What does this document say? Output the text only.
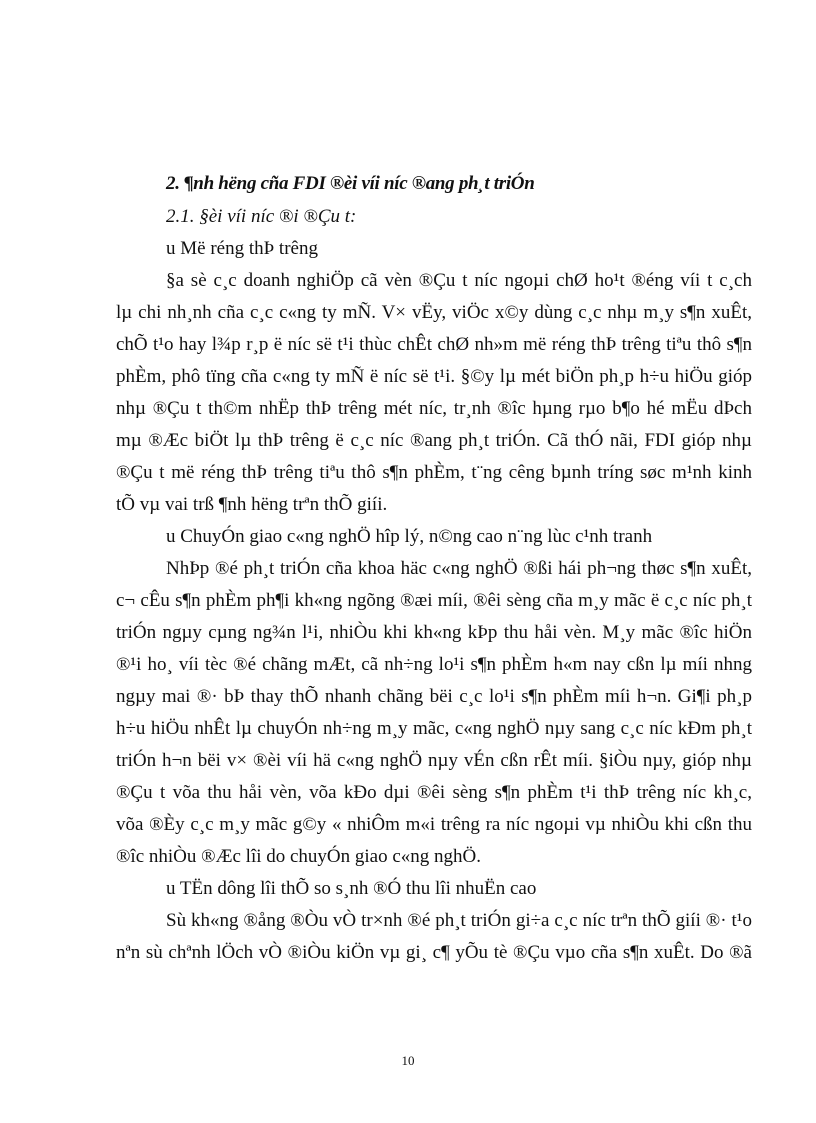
2. ¶nh hëng cña FDI ®èi víi níc ®ang ph¸t triÓn

2.1. §èi víi níc ®i ®Çu t:

u Më réng thÞ trêng

§a sè c¸c doanh nghiÖp cã vèn ®Çu t níc ngoµi chØ ho¹t ®éng víi t c¸ch
lµ chi nh¸nh cña c¸c c«ng ty mÑ. V× vËy, viÖc x©y dùng c¸c nhµ m¸y s¶n xuÊt,
chÕ t¹o hay l¾p r¸p ë níc së t¹i thùc chÊt chØ nh»m më réng thÞ trêng tiªu thô s¶n
phÈm, phô tïng cña c«ng ty mÑ ë níc së t¹i. §©y lµ mét biÖn ph¸p h÷u hiÖu gióp
nhµ ®Çu t th©m nhËp thÞ trêng mét níc, tr¸nh ®îc hµng rµo b¶o hé mËu dÞch
mµ ®Æc biÖt lµ thÞ trêng ë c¸c níc ®ang ph¸t triÓn. Cã thÓ nãi, FDI gióp nhµ
®Çu t më réng thÞ trêng tiªu thô s¶n phÈm, t¨ng cêng bµnh tríng søc m¹nh kinh
tÕ vµ vai trß ¶nh hëng trªn thÕ giíi.

u ChuyÓn giao c«ng nghÖ hîp lý, n©ng cao n¨ng lùc c¹nh tranh

NhÞp ®é ph¸t triÓn cña khoa häc c«ng nghÖ ®ßi hái ph¬ng thøc s¶n xuÊt,
c¬ cÊu s¶n phÈm ph¶i kh«ng ngõng ®æi míi, ®êi sèng cña m¸y mãc ë c¸c níc ph¸t
triÓn ngµy cµng ng¾n l¹i, nhiÒu khi kh«ng kÞp thu håi vèn. M¸y mãc ®îc hiÖn
®¹i ho¸ víi tèc ®é chãng mÆt, cã nh÷ng lo¹i s¶n phÈm h«m nay cßn lµ míi nhng
ngµy mai ®· bÞ thay thÕ nhanh chãng bëi c¸c lo¹i s¶n phÈm míi h¬n. Gi¶i ph¸p
h÷u hiÖu nhÊt lµ chuyÓn nh÷ng m¸y mãc, c«ng nghÖ nµy sang c¸c níc kÐm ph¸t
triÓn h¬n bëi v× ®èi víi hä c«ng nghÖ nµy vÉn cßn rÊt míi. §iÒu nµy, gióp nhµ
®Çu t võa thu håi vèn, võa kÐo dµi ®êi sèng s¶n phÈm t¹i thÞ trêng níc kh¸c,
võa ®Èy c¸c m¸y mãc g©y « nhiÔm m«i trêng ra níc ngoµi vµ nhiÒu khi cßn thu
®îc nhiÒu ®Æc lîi do chuyÓn giao c«ng nghÖ.

u TËn dông lîi thÕ so s¸nh ®Ó thu lîi nhuËn cao

Sù kh«ng ®ång ®Òu vÒ tr×nh ®é ph¸t triÓn gi÷a c¸c níc trªn thÕ giíi ®· t¹o
nªn sù chªnh lÖch vÒ ®iÒu kiÖn vµ gi¸ c¶ yÕu tè ®Çu vµo cña s¶n xuÊt. Do ®ã

10
